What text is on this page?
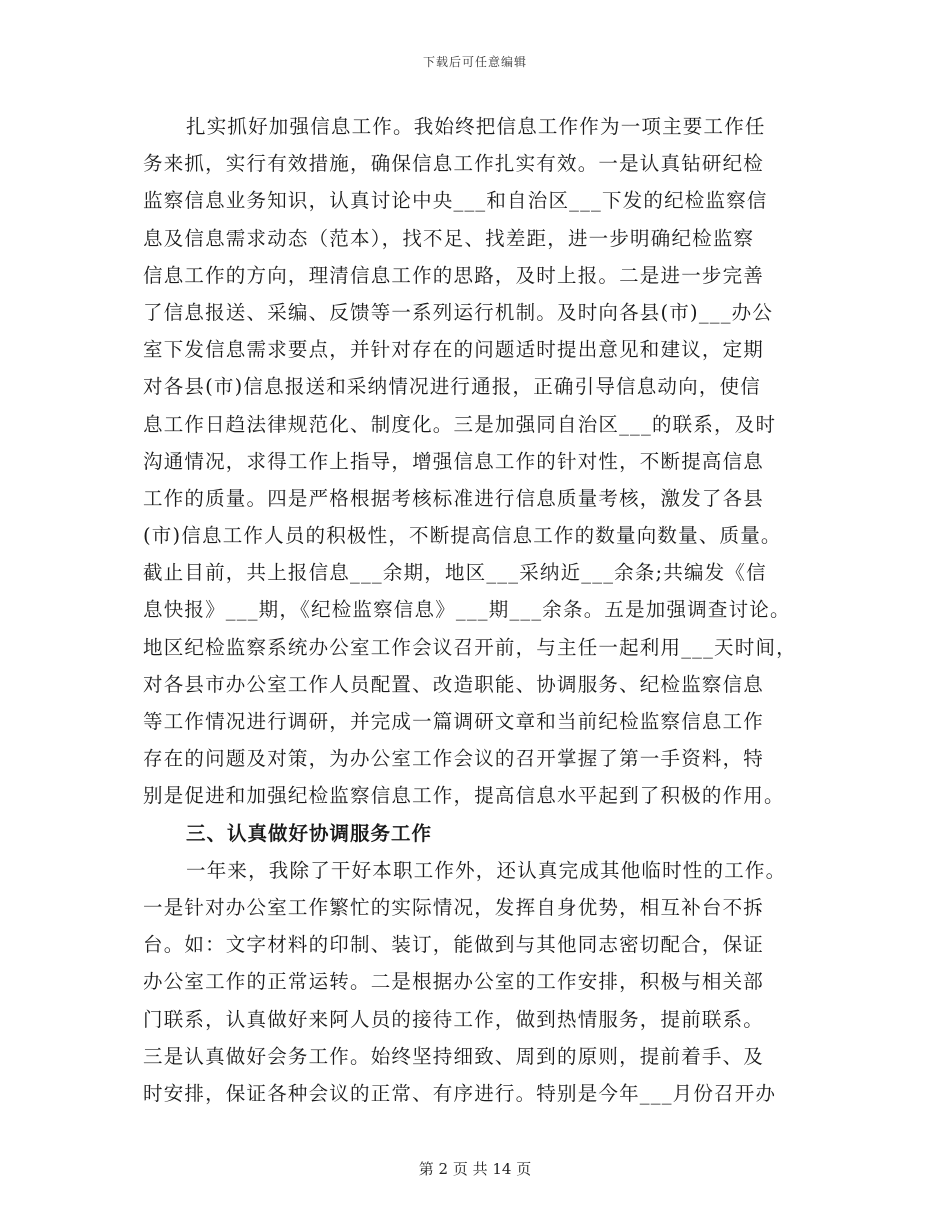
下载后可任意编辑
扎实抓好加强信息工作。我始终把信息工作作为一项主要工作任
务来抓，实行有效措施，确保信息工作扎实有效。一是认真钻研纪检
监察信息业务知识，认真讨论中央___和自治区___下发的纪检监察信
息及信息需求动态（范本），找不足、找差距，进一步明确纪检监察
信息工作的方向，理清信息工作的思路，及时上报。二是进一步完善
了信息报送、采编、反馈等一系列运行机制。及时向各县(市)___办公
室下发信息需求要点，并针对存在的问题适时提出意见和建议，定期
对各县(市)信息报送和采纳情况进行通报，正确引导信息动向，使信
息工作日趋法律规范化、制度化。三是加强同自治区___的联系，及时
沟通情况，求得工作上指导，增强信息工作的针对性，不断提高信息
工作的质量。四是严格根据考核标准进行信息质量考核，激发了各县
(市)信息工作人员的积极性，不断提高信息工作的数量向数量、质量。
截止目前，共上报信息___余期，地区___采纳近___余条;共编发《信
息快报》___期，《纪检监察信息》___期___余条。五是加强调查讨论。
地区纪检监察系统办公室工作会议召开前，与主任一起利用___天时间，
对各县市办公室工作人员配置、改造职能、协调服务、纪检监察信息
等工作情况进行调研，并完成一篇调研文章和当前纪检监察信息工作
存在的问题及对策，为办公室工作会议的召开掌握了第一手资料，特
别是促进和加强纪检监察信息工作，提高信息水平起到了积极的作用。
三、认真做好协调服务工作
一年来，我除了干好本职工作外，还认真完成其他临时性的工作。
一是针对办公室工作繁忙的实际情况，发挥自身优势，相互补台不拆
台。如：文字材料的印制、装订，能做到与其他同志密切配合，保证
办公室工作的正常运转。二是根据办公室的工作安排，积极与相关部
门联系，认真做好来阿人员的接待工作，做到热情服务，提前联系。
三是认真做好会务工作。始终坚持细致、周到的原则，提前着手、及
时安排，保证各种会议的正常、有序进行。特别是今年___月份召开办
第 2 页 共 14 页
